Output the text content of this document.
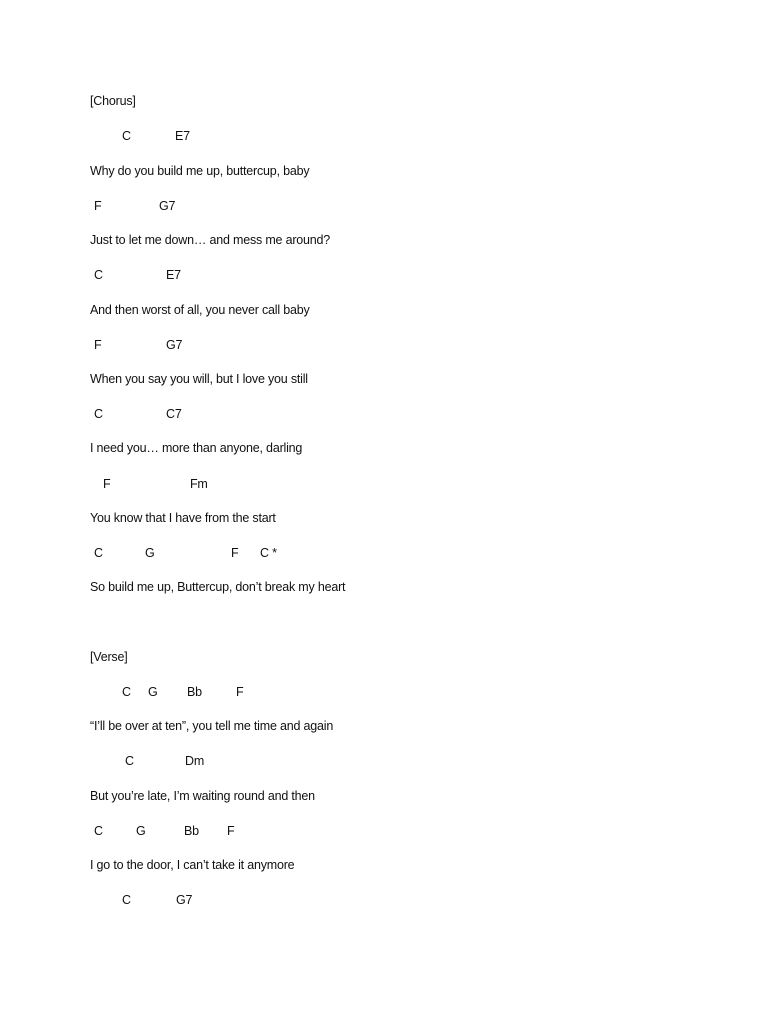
[Chorus]
C	E7
Why do you build me up, buttercup, baby
F	G7
Just to let me down… and mess me around?
C	E7
And then worst of all, you never call baby
F	G7
When you say you will, but I love you still
C	C7
I need you… more than anyone, darling
F	Fm
You know that I have from the start
C	G	F C *
So build me up, Buttercup, don’t break my heart
[Verse]
C G Bb	F
“I’ll be over at ten”, you tell me time and again
C	Dm
But you’re late, I’m waiting round and then
C	G	Bb F
I go to the door, I can’t take it anymore
C	G7
